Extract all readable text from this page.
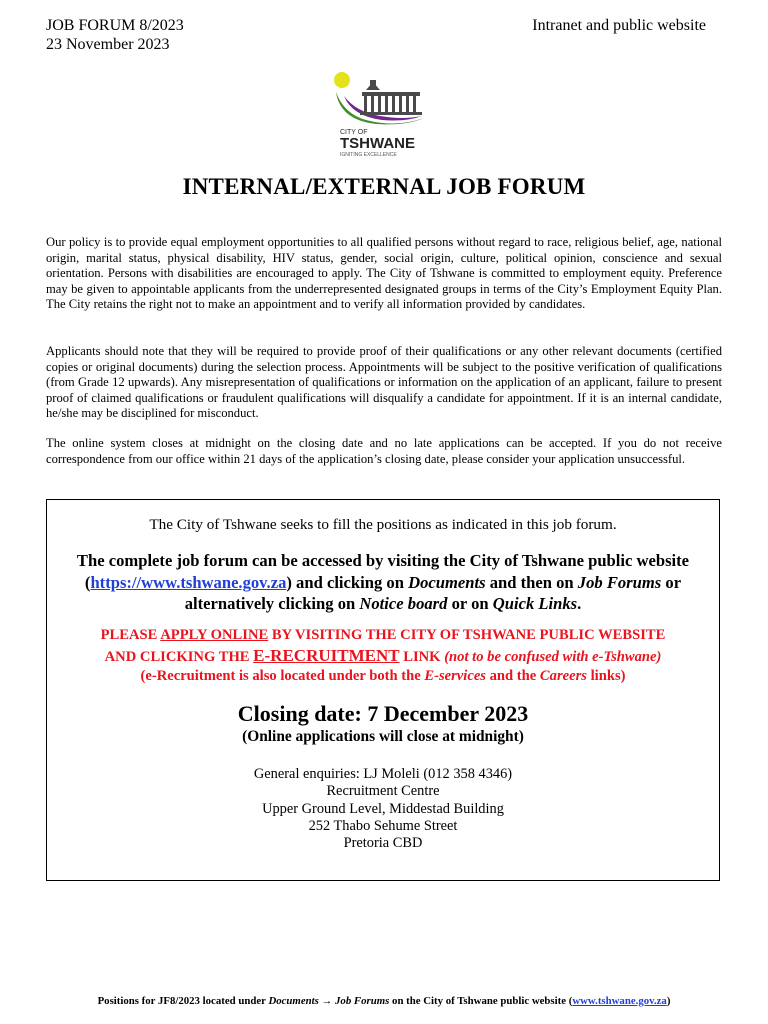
JOB FORUM 8/2023
23 November 2023
Intranet and public website
CITY OF
TSHWANE
IGNITING EXCELLENCE
INTERNAL/EXTERNAL JOB FORUM

Our policy is to provide equal employment opportunities to all qualified persons without regard to race, religious belief, age, national origin, marital status, physical disability, HIV status, gender, social origin, culture, political opinion, conscience and sexual orientation. Persons with disabilities are encouraged to apply. The City of Tshwane is committed to employment equity. Preference may be given to appointable applicants from the underrepresented designated groups in terms of the City’s Employment Equity Plan. The City retains the right not to make an appointment and to verify all information provided by candidates.

Applicants should note that they will be required to provide proof of their qualifications or any other relevant documents (certified copies or original documents) during the selection process. Appointments will be subject to the positive verification of qualifications (from Grade 12 upwards). Any misrepresentation of qualifications or information on the application of an applicant, failure to present proof of claimed qualifications or fraudulent qualifications will disqualify a candidate for appointment. If it is an internal candidate, he/she may be disciplined for misconduct.

The online system closes at midnight on the closing date and no late applications can be accepted. If you do not receive correspondence from our office within 21 days of the application’s closing date, please consider your application unsuccessful.

The City of Tshwane seeks to fill the positions as indicated in this job forum.
The complete job forum can be accessed by visiting the City of Tshwane public website (https://www.tshwane.gov.za) and clicking on Documents and then on Job Forums or alternatively clicking on Notice board or on Quick Links.
PLEASE APPLY ONLINE BY VISITING THE CITY OF TSHWANE PUBLIC WEBSITE
AND CLICKING THE E-RECRUITMENT LINK (not to be confused with e-Tshwane)
(e-Recruitment is also located under both the E-services and the Careers links)
Closing date: 7 December 2023
(Online applications will close at midnight)
General enquiries: LJ Moleli (012 358 4346)
Recruitment Centre
Upper Ground Level, Middestad Building
252 Thabo Sehume Street
Pretoria CBD
Positions for JF8/2023 located under Documents → Job Forums on the City of Tshwane public website (www.tshwane.gov.za)
